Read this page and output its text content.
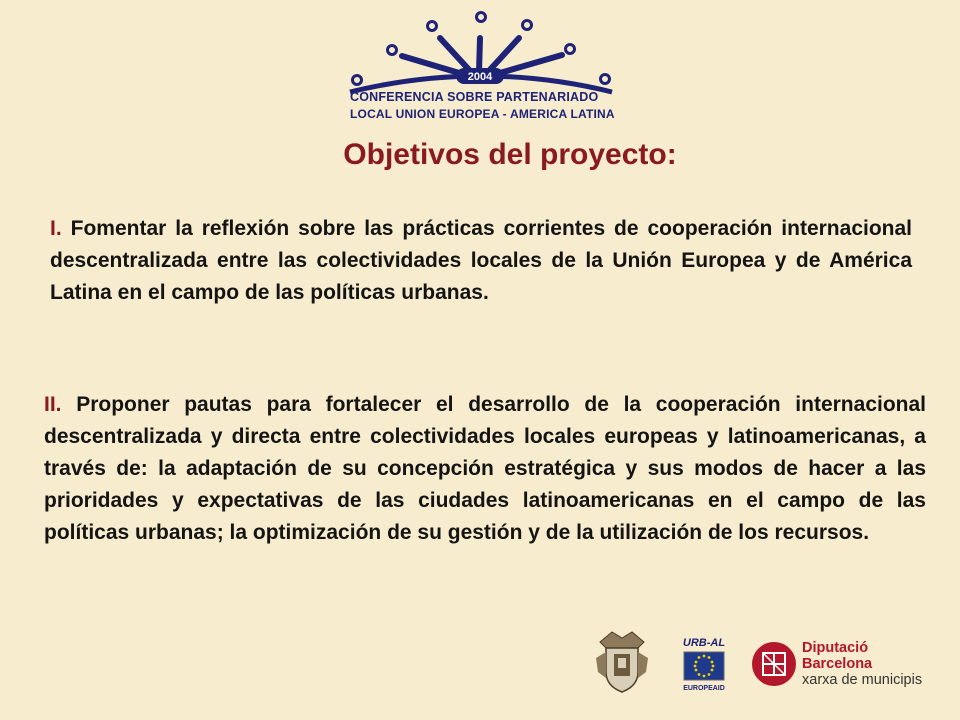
2004
CONFERENCIA SOBRE PARTENARIADO
LOCAL UNION EUROPEA - AMERICA LATINA
Objetivos del proyecto:

I. Fomentar la reflexión sobre las prácticas corrientes de cooperación internacional descentralizada entre las colectividades locales de la Unión Europea y de América Latina en el campo de las políticas urbanas.

II. Proponer pautas para fortalecer el desarrollo de la cooperación internacional descentralizada y directa entre colectividades locales europeas y latinoamericanas, a través de: la adaptación de su concepción estratégica y sus modos de hacer a las prioridades y expectativas de las ciudades latinoamericanas en el campo de las políticas urbanas; la optimización de su gestión y de la utilización de los recursos.

URB-AL
EUROPEAID
Diputació
Barcelona
xarxa de municipis
